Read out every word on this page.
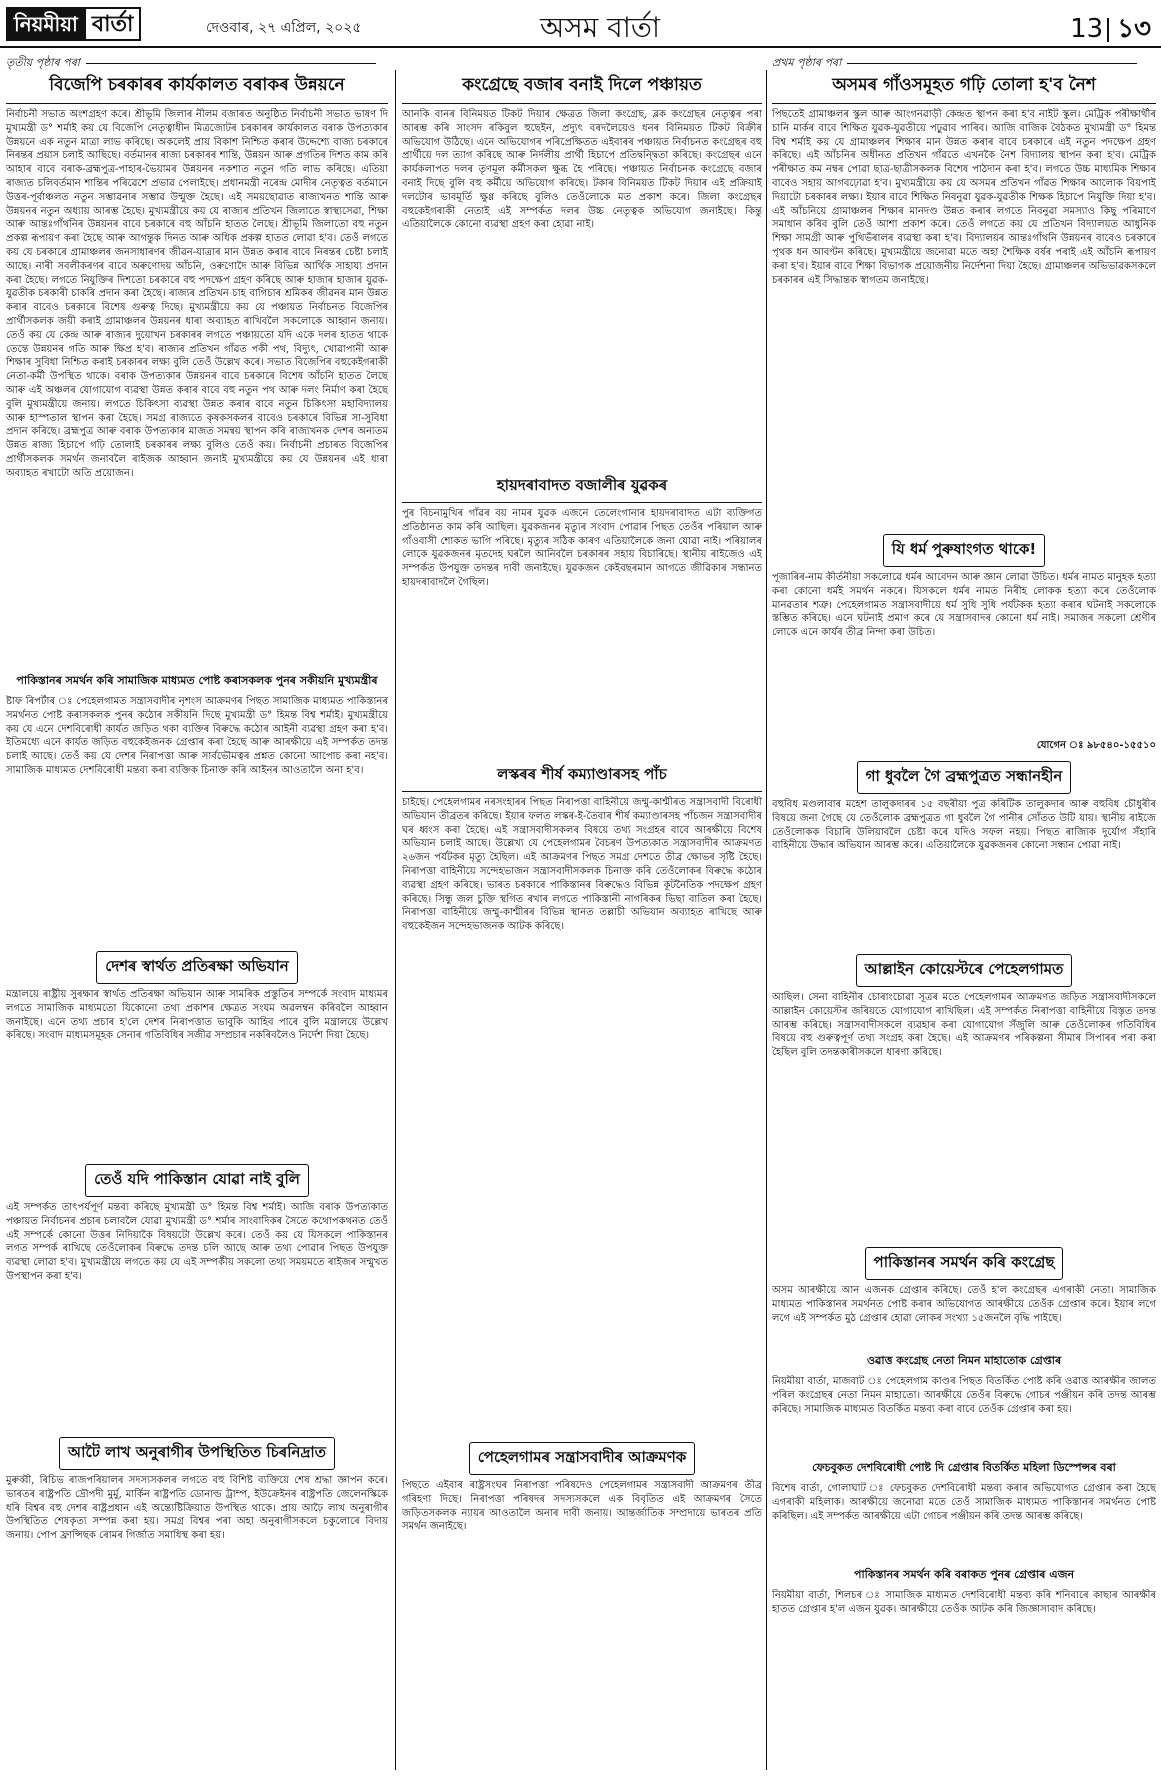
নিয়মীয়া বাৰ্তা	দেওবাৰ, ২৭ এপ্ৰিল, ২০২৫	অসম বাৰ্তা	13 ১৩
তৃতীয় পৃষ্ঠাৰ পৰা	প্ৰথম পৃষ্ঠাৰ পৰা
বিজেপি চৰকাৰৰ কাৰ্যকালত বৰাকৰ উন্নয়নে
নিৰ্বাচনী সভাত অংশগ্ৰহণ কৰে। শ্ৰীভূমি জিলাৰ নীলম বজাৰত অনুষ্ঠিত নিৰ্বাচনী সভাত ভাষণ দি মুখ্যমন্ত্ৰী ড° শৰ্মাই কয় যে বিজেপি নেতৃত্বাধীন মিত্ৰজোটৰ চৰকাৰৰ কাৰ্যকালত বৰাক উপত্যকাৰ উন্নয়নে এক নতুন মাত্ৰা লাভ কৰিছে। অকলেই প্ৰায় বিকাশ নিশ্চিত কৰাৰ উদ্দেশ্যে বাজ্য চৰকাৰে নিৰন্তৰ প্ৰয়াস চলাই আছিছে। বৰ্তমানৰ ৰাজ্য চৰকাৰৰ শান্তি, উন্নয়ন আৰু প্ৰগতিৰ দিশত কাম কৰি আহাৰ বাবে বৰাক-ব্ৰহ্মপুত্ৰ-পাহাৰ-ভৈয়ামৰ উন্নয়নৰ নকশাত নতুন গতি লাভ কৰিছে। এতিয়া ৰাজ্যত চলিবৰ্তমান শান্তিৰ পৰিৱেশে প্ৰভাৱ পেলাইছে। প্ৰধানমন্ত্ৰী নৰেন্দ্ৰ মোদীৰ নেতৃত্বত বৰ্তমানে উত্তৰ-পূৰ্বাঞ্চলত নতুন সম্ভাৱনাৰ সম্ভাৱ উন্মুক্ত হৈছে। এই সময়ছোৱাত ৰাজ্যখনত শান্তি আৰু উন্নয়নৰ নতুন অধ্যায় আৰম্ভ হৈছে। মুখ্যমন্ত্ৰীয়ে কয় যে ৰাজ্যৰ প্ৰতিখন জিলাতে স্বাস্থ্যসেৱা, শিক্ষা আৰু আন্তঃগাঁথনিৰ উন্নয়নৰ বাবে চৰকাৰে বহু আঁচনি হাতত লৈছে। শ্ৰীভূমি জিলাতো বহু নতুন প্ৰকল্প ৰূপায়ণ কৰা হৈছে আৰু আগন্তুক দিনত আৰু অধিক প্ৰকল্প হাতত লোৱা হ'ব। তেওঁ লগতে কয় যে চৰকাৰে গ্ৰামাঞ্চলৰ জনসাধাৰণৰ জীৱন-যাত্ৰাৰ মান উন্নত কৰাৰ বাবে নিৰন্তৰ চেষ্টা চলাই আছে। নাৰী সবলীকৰণৰ বাবে অৰুণোদয় আঁচনি, ওৰুণোদৈ আৰু বিভিন্ন আৰ্থিক সাহায্য প্ৰদান কৰা হৈছে। লগতে নিযুক্তিৰ দিশতো চৰকাৰে বহু পদক্ষেপ গ্ৰহণ কৰিছে আৰু হাজাৰ হাজাৰ যুৱক-যুৱতীক চৰকাৰী চাকৰি প্ৰদান কৰা হৈছে। ৰাজ্যৰ প্ৰতিখন চাহ বাগিচাৰ শ্ৰমিকৰ জীৱনৰ মান উন্নত কৰাৰ বাবেও চৰকাৰে বিশেষ গুৰুত্ব দিছে। মুখ্যমন্ত্ৰীয়ে কয় যে পঞ্চায়ত নিৰ্বাচনত বিজেপিৰ প্ৰাৰ্থীসকলক জয়ী কৰাই গ্ৰামাঞ্চলৰ উন্নয়নৰ ধাৰা অব্যাহত ৰাখিবলৈ সকলোকে আহ্বান জনায়। তেওঁ কয় যে কেন্দ্ৰ আৰু ৰাজ্যৰ দুয়োখন চৰকাৰৰ লগতে পঞ্চায়তো যদি একে দলৰ হাতত থাকে তেন্তে উন্নয়নৰ গতি আৰু ক্ষিপ্ৰ হ'ব। ৰাজ্যৰ প্ৰতিখন গাঁৱত পকী পথ, বিদ্যুৎ, খোৱাপানী আৰু শিক্ষাৰ সুবিধা নিশ্চিত কৰাই চৰকাৰৰ লক্ষ্য বুলি তেওঁ উল্লেখ কৰে। সভাত বিজেপিৰ বহুকেইগৰাকী নেতা-কৰ্মী উপস্থিত থাকে। বৰাক উপত্যকাৰ উন্নয়নৰ বাবে চৰকাৰে বিশেষ আঁচনি হাতত লৈছে আৰু এই অঞ্চলৰ যোগাযোগ ব্যৱস্থা উন্নত কৰাৰ বাবে বহু নতুন পথ আৰু দলং নিৰ্মাণ কৰা হৈছে বুলি মুখ্যমন্ত্ৰীয়ে জনায়। লগতে চিকিৎসা ব্যৱস্থা উন্নত কৰাৰ বাবে নতুন চিকিৎসা মহাবিদ্যালয় আৰু হাস্পতাল স্থাপন কৰা হৈছে। সমগ্ৰ ৰাজ্যতে কৃষকসকলৰ বাবেও চৰকাৰে বিভিন্ন সা-সুবিধা প্ৰদান কৰিছে। ব্ৰহ্মপুত্ৰ আৰু বৰাক উপত্যকাৰ মাজত সমন্বয় স্থাপন কৰি ৰাজ্যখনক দেশৰ অন্যতম উন্নত ৰাজ্য হিচাপে গঢ়ি তোলাই চৰকাৰৰ লক্ষ্য বুলিও তেওঁ কয়। নিৰ্বাচনী প্ৰচাৰত বিজেপিৰ প্ৰাৰ্থীসকলক সমৰ্থন জনাবলৈ ৰাইজক আহ্বান জনাই মুখ্যমন্ত্ৰীয়ে কয় যে উন্নয়নৰ এই ধাৰা অব্যাহত ৰখাটো অতি প্ৰয়োজন।
পাকিস্তানৰ সমৰ্থন কৰি সামাজিক মাধ্যমত পোষ্ট কৰাসকলক পুনৰ সকীয়নি মুখ্যমন্ত্ৰীৰ
ষ্টাফ ৰিপৰ্টাৰ ঃ পেহেলগামত সন্ত্ৰাসবাদীৰ নৃশংস আক্ৰমণৰ পিছত সামাজিক মাধ্যমত পাকিস্তানৰ সমৰ্থনত পোষ্ট কৰাসকলক পুনৰ কঠোৰ সকীয়নি দিছে মুখ্যমন্ত্ৰী ড° হিমন্ত বিশ্ব শৰ্মাই। মুখ্যমন্ত্ৰীয়ে কয় যে এনে দেশবিৰোধী কাৰ্যত জড়িত থকা ব্যক্তিৰ বিৰুদ্ধে কঠোৰ আইনী ব্যৱস্থা গ্ৰহণ কৰা হ'ব। ইতিমধ্যে এনে কাৰ্যত জড়িত বহুকেইজনক গ্ৰেপ্তাৰ কৰা হৈছে আৰু আৰক্ষীয়ে এই সম্পৰ্কত তদন্ত চলাই আছে। তেওঁ কয় যে দেশৰ নিৰাপত্তা আৰু সাৰ্বভৌমত্বৰ প্ৰশ্নত কোনো আপোচ কৰা নহ'ব। সামাজিক মাধ্যমত দেশবিৰোধী মন্তব্য কৰা ব্যক্তিক চিনাক্ত কৰি আইনৰ আওতালৈ অনা হ'ব।
দেশৰ স্বাৰ্থত প্ৰতিৰক্ষা অভিযান
মন্ত্ৰালয়ে ৰাষ্ট্ৰীয় সুৰক্ষাৰ স্বাৰ্থত প্ৰতিৰক্ষা অভিযান আৰু সামৰিক প্ৰস্তুতিৰ সম্পৰ্কে সংবাদ মাধ্যমৰ লগতে সামাজিক মাধ্যমতো যিকোনো তথ্য প্ৰকাশৰ ক্ষেত্ৰত সংযম অৱলম্বন কৰিবলৈ আহ্বান জনাইছে। এনে তথ্য প্ৰচাৰ হ'লে দেশৰ নিৰাপত্তাত ভাবুকি আহিব পাৰে বুলি মন্ত্ৰালয়ে উল্লেখ কৰিছে। সংবাদ মাধ্যমসমূহক সেনাৰ গতিবিধিৰ সজীৱ সম্প্ৰচাৰ নকৰিবলৈও নিৰ্দেশ দিয়া হৈছে।
তেওঁ যদি পাকিস্তান যোৱা নাই বুলি
এই সম্পৰ্কত তাৎপৰ্যপূৰ্ণ মন্তব্য কৰিছে মুখ্যমন্ত্ৰী ড° হিমন্ত বিশ্ব শৰ্মাই। আজি বৰাক উপত্যকাত পঞ্চায়ত নিৰ্বাচনৰ প্ৰচাৰ চলাবলৈ যোৱা মুখ্যমন্ত্ৰী ড° শৰ্মাৰ সাংবাদিকৰ সৈতে কথোপকথনত তেওঁ এই সম্পৰ্কে কোনো উত্তৰ নিদিয়াকৈ বিষয়টো উল্লেখ কৰে। তেওঁ কয় যে যিসকলে পাকিস্তানৰ লগত সম্পৰ্ক ৰাখিছে তেওঁলোকৰ বিৰুদ্ধে তদন্ত চলি আছে আৰু তথ্য পোৱাৰ পিছত উপযুক্ত ব্যৱস্থা লোৱা হ'ব। মুখ্যমন্ত্ৰীয়ে লগতে কয় যে এই সম্পৰ্কীয় সকলো তথ্য সময়মতে ৰাইজৰ সন্মুখত উপস্থাপন কৰা হ'ব।
আটৈ লাখ অনুৰাগীৰ উপস্থিতিত চিৰনিদ্ৰাত
মুৰুব্বী, ৰিচিভ ৰাজপৰিয়ালৰ সদস্যসকলৰ লগতে বহু বিশিষ্ট ব্যক্তিয়ে শেষ শ্ৰদ্ধা জ্ঞাপন কৰে। ভাৰতৰ ৰাষ্ট্ৰপতি দ্ৰৌপদী মুৰ্মু, মাৰ্কিন ৰাষ্ট্ৰপতি ডোনাল্ড ট্ৰাম্প, ইউক্ৰেইনৰ ৰাষ্ট্ৰপতি জেলেনস্কিকে ধৰি বিশ্বৰ বহু দেশৰ ৰাষ্ট্ৰপ্ৰধান এই অন্ত্যেষ্টিক্ৰিয়াত উপস্থিত থাকে। প্ৰায় আঢ়ৈ লাখ অনুৰাগীৰ উপস্থিতিত শেষকৃত্য সম্পন্ন কৰা হয়। সমগ্ৰ বিশ্বৰ পৰা অহা অনুৰাগীসকলে চকুলোৰে বিদায় জনায়। পোপ ফ্ৰান্সিছক ৰোমৰ গিৰ্জাত সমাধিস্থ কৰা হয়।
কংগ্ৰেছে বজাৰ বনাই দিলে পঞ্চায়ত
আনকি বানৰ বিনিময়ত টিকট দিয়াৰ ক্ষেত্ৰত জিলা কংগ্ৰেছ, ব্লক কংগ্ৰেছৰ নেতৃত্বৰ পৰা আৰম্ভ কৰি সাংসদ ৰকিবুল হুছেইন, প্ৰদ্যুৎ বৰদলৈয়েও ধনৰ বিনিময়ত টিকট বিক্ৰীৰ অভিযোগ উঠিছে। এনে অভিযোগৰ পৰিপ্ৰেক্ষিতত এইবাৰৰ পঞ্চায়ত নিৰ্বাচনত কংগ্ৰেছৰ বহু প্ৰাৰ্থীয়ে দল ত্যাগ কৰিছে আৰু নিৰ্দলীয় প্ৰাৰ্থী হিচাপে প্ৰতিদ্বন্দ্বিতা কৰিছে। কংগ্ৰেছৰ এনে কাৰ্যকলাপত দলৰ তৃণমূল কৰ্মীসকল ক্ষুব্ধ হৈ পৰিছে। পঞ্চায়ত নিৰ্বাচনক কংগ্ৰেছে বজাৰ বনাই দিছে বুলি বহু কৰ্মীয়ে অভিযোগ কৰিছে। টকাৰ বিনিময়ত টিকট দিয়াৰ এই প্ৰক্ৰিয়াই দলটোৰ ভাবমূৰ্তি ক্ষুণ্ণ কৰিছে বুলিও তেওঁলোকে মত প্ৰকাশ কৰে। জিলা কংগ্ৰেছৰ বহুকেইগৰাকী নেতাই এই সম্পৰ্কত দলৰ উচ্চ নেতৃত্বক অভিযোগ জনাইছে। কিন্তু এতিয়ালৈকে কোনো ব্যৱস্থা গ্ৰহণ কৰা হোৱা নাই।
হায়দৰাবাদত বজালীৰ যুৱকৰ
পুৰ বিচনামুখিৰ গাঁৱৰ বয় নামৰ যুৱক এজনে তেলেংগানাৰ হায়দৰাবাদত এটা ব্যক্তিগত প্ৰতিষ্ঠানত কাম কৰি আছিল। যুৱকজনৰ মৃত্যুৰ সংবাদ পোৱাৰ পিছত তেওঁৰ পৰিয়াল আৰু গাঁওবাসী শোকত ভাগি পৰিছে। মৃত্যুৰ সঠিক কাৰণ এতিয়ালৈকে জনা যোৱা নাই। পৰিয়ালৰ লোকে যুৱকজনৰ মৃতদেহ ঘৰলৈ আনিবলৈ চৰকাৰৰ সহায় বিচাৰিছে। স্থানীয় ৰাইজেও এই সম্পৰ্কত উপযুক্ত তদন্তৰ দাবী জনাইছে। যুৱকজন কেইবছৰমান আগতে জীৱিকাৰ সন্ধানত হায়দৰাবাদলৈ গৈছিল।
লস্কৰৰ শীৰ্ষ কম্যাণ্ডাৰসহ পাঁচ
চাইছে। পেহেলগামৰ নৰসংহাৰৰ পিছত নিৰাপত্তা বাহিনীয়ে জম্মু-কাশ্মীৰত সন্ত্ৰাসবাদী বিৰোধী অভিযান তীব্ৰতৰ কৰিছে। ইয়াৰ ফলত লস্কৰ-ই-তৈবাৰ শীৰ্ষ কম্যাণ্ডাৰসহ পাঁচজন সন্ত্ৰাসবাদীৰ ঘৰ ধ্বংস কৰা হৈছে। এই সন্ত্ৰাসবাদীসকলৰ বিষয়ে তথ্য সংগ্ৰহৰ বাবে আৰক্ষীয়ে বিশেষ অভিযান চলাই আছে। উল্লেখ্য যে পেহেলগামৰ বৈচৰণ উপত্যকাত সন্ত্ৰাসবাদীৰ আক্ৰমণত ২৬জন পৰ্যটকৰ মৃত্যু হৈছিল। এই আক্ৰমণৰ পিছত সমগ্ৰ দেশতে তীব্ৰ ক্ষোভৰ সৃষ্টি হৈছে। নিৰাপত্তা বাহিনীয়ে সন্দেহভাজন সন্ত্ৰাসবাদীসকলক চিনাক্ত কৰি তেওঁলোকৰ বিৰুদ্ধে কঠোৰ ব্যৱস্থা গ্ৰহণ কৰিছে। ভাৰত চৰকাৰে পাকিস্তানৰ বিৰুদ্ধেও বিভিন্ন কূটনৈতিক পদক্ষেপ গ্ৰহণ কৰিছে। সিন্ধু জল চুক্তি স্থগিত ৰখাৰ লগতে পাকিস্তানী নাগৰিকৰ ভিছা বাতিল কৰা হৈছে। নিৰাপত্তা বাহিনীয়ে জম্মু-কাশ্মীৰৰ বিভিন্ন স্থানত তল্লাচী অভিযান অব্যাহত ৰাখিছে আৰু বহুকেইজন সন্দেহভাজনক আটক কৰিছে।
পেহেলগামৰ সন্ত্ৰাসবাদীৰ আক্ৰমণক
পিছতে এইবাৰ ৰাষ্ট্ৰসংঘৰ নিৰাপত্তা পৰিষদেও পেহেলগামৰ সন্ত্ৰাসবাদী আক্ৰমণৰ তীব্ৰ গৰিহণা দিছে। নিৰাপত্তা পৰিষদৰ সদস্যসকলে এক বিবৃতিত এই আক্ৰমণৰ সৈতে জড়িতসকলক ন্যায়ৰ আওতালৈ অনাৰ দাবী জনায়। আন্তৰ্জাতিক সম্প্ৰদায়ে ভাৰতৰ প্ৰতি সমৰ্থন জনাইছে।
অসমৰ গাঁওসমূহত গঢ়ি তোলা হ'ব নৈশ
পিছতেই গ্ৰামাঞ্চলৰ স্কুল আৰু আংগনৱাড়ী কেন্দ্ৰত স্থাপন কৰা হ'ব নাইট স্কুল। মেট্ৰিক পৰীক্ষাৰ্থীৰ চানি মাৰ্কৰ বাবে শিক্ষিত যুৱক-যুৱতীয়ে পঢ়ুৱাব পাৰিব। আজি বাজিক বৈঠকত মুখ্যমন্ত্ৰী ড° হিমন্ত বিশ্ব শৰ্মাই কয় যে গ্ৰামাঞ্চলৰ শিক্ষাৰ মান উন্নত কৰাৰ বাবে চৰকাৰে এই নতুন পদক্ষেপ গ্ৰহণ কৰিছে। এই আঁচনিৰ অধীনত প্ৰতিখন গাঁৱতে এখনকৈ নৈশ বিদ্যালয় স্থাপন কৰা হ'ব। মেট্ৰিক পৰীক্ষাত কম নম্বৰ পোৱা ছাত্ৰ-ছাত্ৰীসকলক বিশেষ পাঠদান কৰা হ'ব। লগতে উচ্চ মাধ্যমিক শিক্ষাৰ বাবেও সহায় আগবঢ়োৱা হ'ব। মুখ্যমন্ত্ৰীয়ে কয় যে অসমৰ প্ৰতিখন গাঁৱত শিক্ষাৰ আলোক বিয়পাই দিয়াটো চৰকাৰৰ লক্ষ্য। ইয়াৰ বাবে শিক্ষিত নিবনুৱা যুৱক-যুৱতীক শিক্ষক হিচাপে নিযুক্তি দিয়া হ'ব। এই আঁচনিয়ে গ্ৰামাঞ্চলৰ শিক্ষাৰ মানদণ্ড উন্নত কৰাৰ লগতে নিবনুৱা সমস্যাও কিছু পৰিমাণে সমাধান কৰিব বুলি তেওঁ আশা প্ৰকাশ কৰে। তেওঁ লগতে কয় যে প্ৰতিখন বিদ্যালয়ত আধুনিক শিক্ষা সামগ্ৰী আৰু পুথিভঁৰালৰ ব্যৱস্থা কৰা হ'ব। বিদ্যালয়ৰ আন্তঃগাঁথনি উন্নয়নৰ বাবেও চৰকাৰে পৃথক ধন আবণ্টন কৰিছে। মুখ্যমন্ত্ৰীয়ে জনোৱা মতে অহা শৈক্ষিক বৰ্ষৰ পৰাই এই আঁচনি ৰূপায়ণ কৰা হ'ব। ইয়াৰ বাবে শিক্ষা বিভাগক প্ৰয়োজনীয় নিৰ্দেশনা দিয়া হৈছে। গ্ৰামাঞ্চলৰ অভিভাৱকসকলে চৰকাৰৰ এই সিদ্ধান্তক স্বাগতম জনাইছে।
যি ধৰ্ম পুৰুষাংগত থাকে!
পূজাৰিৰ-নাম কীৰ্তনীয়া সকলোৱে ধৰ্মৰ আবেদন আৰু জ্ঞান লোৱা উচিত। ধৰ্মৰ নামত মানুহক হত্যা কৰা কোনো ধৰ্মই সমৰ্থন নকৰে। যিসকলে ধৰ্মৰ নামত নিৰীহ লোকক হত্যা কৰে তেওঁলোক মানৱতাৰ শত্ৰু। পেহেলগামত সন্ত্ৰাসবাদীয়ে ধৰ্ম সুধি সুধি পৰ্যটকক হত্যা কৰাৰ ঘটনাই সকলোকে স্তম্ভিত কৰিছে। এনে ঘটনাই প্ৰমাণ কৰে যে সন্ত্ৰাসবাদৰ কোনো ধৰ্ম নাই। সমাজৰ সকলো শ্ৰেণীৰ লোকে এনে কাৰ্যৰ তীব্ৰ নিন্দা কৰা উচিত।
যোগেন ঃ ৯৮৫৪০-১৫৫১০
গা ধুবলৈ গৈ ব্ৰহ্মপুত্ৰত সন্ধানহীন
বহুবিধ মণ্ডলাবাৰ মহেশ তালুকদাৰৰ ১৫ বছৰীয়া পুত্ৰ কৰিটিক তালুকদাৰ আৰু বহুবিধ চৌধুৰীৰ বিষয়ে জনা গৈছে যে তেওঁলোক ব্ৰহ্মপুত্ৰত গা ধুবলৈ গৈ পানীৰ সোঁতত উটি যায়। স্থানীয় ৰাইজে তেওঁলোকক বিচাৰি উলিয়াবলৈ চেষ্টা কৰে যদিও সফল নহয়। পিছত ৰাজ্যিক দুৰ্যোগ সঁহাৰি বাহিনীয়ে উদ্ধাৰ অভিযান আৰম্ভ কৰে। এতিয়ালৈকে যুৱকজনৰ কোনো সন্ধান পোৱা নাই।
আল্লাইন কোয়েস্টৰে পেহেলগামত
আছিল। সেনা বাহিনীৰ চোৰাংচোৱা সূত্ৰৰ মতে পেহেলগামৰ আক্ৰমণত জড়িত সন্ত্ৰাসবাদীসকলে আল্লাইন কোয়েস্টৰ জৰিয়তে যোগাযোগ ৰাখিছিল। এই সম্পৰ্কত নিৰাপত্তা বাহিনীয়ে বিস্তৃত তদন্ত আৰম্ভ কৰিছে। সন্ত্ৰাসবাদীসকলে ব্যৱহাৰ কৰা যোগাযোগ সঁজুলি আৰু তেওঁলোকৰ গতিবিধিৰ বিষয়ে বহু গুৰুত্বপূৰ্ণ তথ্য সংগ্ৰহ কৰা হৈছে। এই আক্ৰমণৰ পৰিকল্পনা সীমাৰ সিপাৰৰ পৰা কৰা হৈছিল বুলি তদন্তকাৰীসকলে ধাৰণা কৰিছে।
পাকিস্তানৰ সমৰ্থন কৰি কংগ্ৰেছ
অসম আৰক্ষীয়ে আন এজনক গ্ৰেপ্তাৰ কৰিছে। তেওঁ হ'ল কংগ্ৰেছৰ এগৰাকী নেতা। সামাজিক মাধ্যমত পাকিস্তানৰ সমৰ্থনত পোষ্ট কৰাৰ অভিযোগত আৰক্ষীয়ে তেওঁক গ্ৰেপ্তাৰ কৰে। ইয়াৰ লগে লগে এই সম্পৰ্কত মুঠ গ্ৰেপ্তাৰ হোৱা লোকৰ সংখ্যা ১৫জনলৈ বৃদ্ধি পাইছে।
ওৱাত্ত কংগ্ৰেছ নেতা নিমন মাহাতোক গ্ৰেপ্তাৰ
নিয়মীয়া বাৰ্তা, মাজবাট ঃ পেহেলগাম কাণ্ডৰ পিছত বিতৰ্কিত পোষ্ট কৰি ওৱাত্ত আৰক্ষীৰ জালত পৰিল কংগ্ৰেছৰ নেতা নিমন মাহাতো। আৰক্ষীয়ে তেওঁৰ বিৰুদ্ধে গোচৰ পঞ্জীয়ন কৰি তদন্ত আৰম্ভ কৰিছে। সামাজিক মাধ্যমত বিতৰ্কিত মন্তব্য কৰা বাবে তেওঁক গ্ৰেপ্তাৰ কৰা হয়।
ফেচবুকত দেশবিৰোধী পোষ্ট দি গ্ৰেপ্তাৰ বিতৰ্কিত মহিলা ডিস্পেন্সৰ বৰা
বিশেষ বাৰ্তা, গোলাঘাট ঃ ফেচবুকত দেশবিৰোধী মন্তব্য কৰাৰ অভিযোগত গ্ৰেপ্তাৰ কৰা হৈছে এগৰাকী মহিলাক। আৰক্ষীয়ে জনোৱা মতে তেওঁ সামাজিক মাধ্যমত পাকিস্তানৰ সমৰ্থনত পোষ্ট কৰিছিল। এই সম্পৰ্কত আৰক্ষীয়ে এটা গোচৰ পঞ্জীয়ন কৰি তদন্ত আৰম্ভ কৰিছে।
পাকিস্তানৰ সমৰ্থন কৰি বৰাকত পুনৰ গ্ৰেপ্তাৰ এজন
নিয়মীয়া বাৰ্তা, শিলচৰ ঃ সামাজিক মাধ্যমত দেশবিৰোধী মন্তব্য কৰি শনিবাৰে কাছাৰ আৰক্ষীৰ হাতত গ্ৰেপ্তাৰ হ'ল এজন যুৱক। আৰক্ষীয়ে তেওঁক আটক কৰি জিজ্ঞাসাবাদ কৰিছে।
